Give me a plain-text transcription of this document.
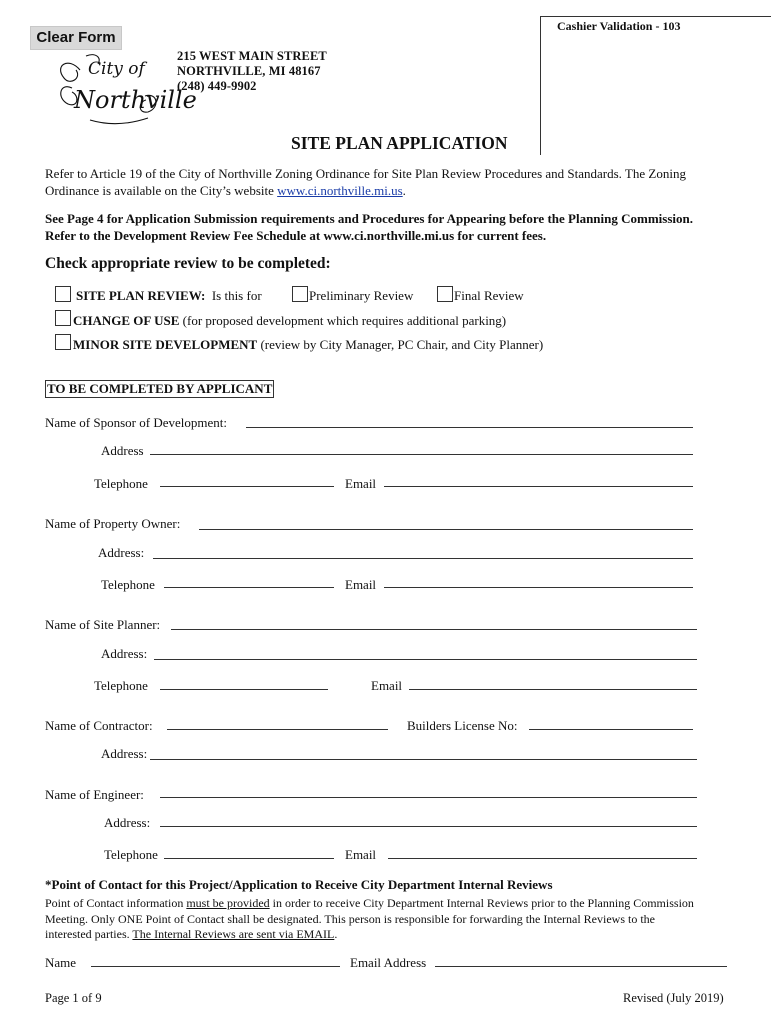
Clear Form
Cashier Validation - 103
City of
Northville
215 WEST MAIN STREET
NORTHVILLE, MI 48167
(248) 449-9902
SITE PLAN APPLICATION
Refer to Article 19 of the City of Northville Zoning Ordinance for Site Plan Review Procedures and Standards. The Zoning
Ordinance is available on the City’s website www.ci.northville.mi.us.
See Page 4 for Application Submission requirements and Procedures for Appearing before the Planning Commission.
Refer to the Development Review Fee Schedule at www.ci.northville.mi.us for current fees.
Check appropriate review to be completed:
SITE PLAN REVIEW:  Is this for	Preliminary Review	Final Review
CHANGE OF USE (for proposed development which requires additional parking)
MINOR SITE DEVELOPMENT (review by City Manager, PC Chair, and City Planner)
TO BE COMPLETED BY APPLICANT
Name of Sponsor of Development:
Address
Telephone	Email
Name of Property Owner:
Address:
Telephone	Email
Name of Site Planner:
Address:
Telephone	Email
Name of Contractor:	Builders License No:
Address:
Name of Engineer:
Address:
Telephone	Email
*Point of Contact for this Project/Application to Receive City Department Internal Reviews
Point of Contact information must be provided in order to receive City Department Internal Reviews prior to the Planning Commission
Meeting. Only ONE Point of Contact shall be designated. This person is responsible for forwarding the Internal Reviews to the
interested parties. The Internal Reviews are sent via EMAIL.
Name	Email Address
Page 1 of 9	Revised (July 2019)
